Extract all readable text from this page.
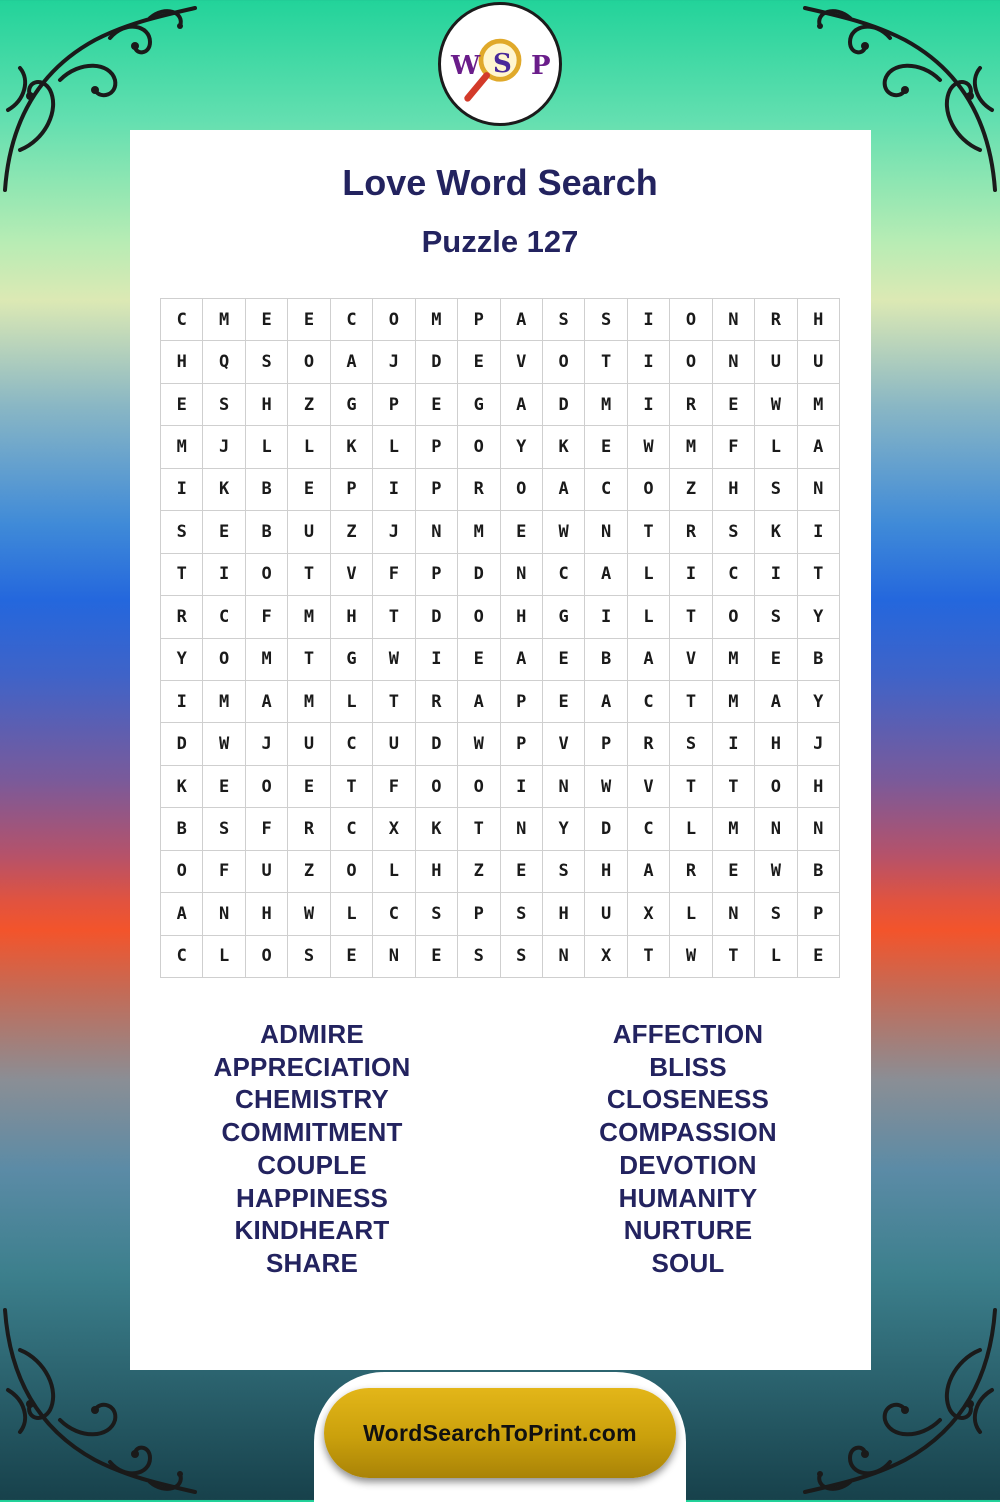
W S P
Love Word Search
Puzzle 127
C	M	E	E	C	O	M	P	A	S	S	I	O	N	R	H
H	Q	S	O	A	J	D	E	V	O	T	I	O	N	U	U
E	S	H	Z	G	P	E	G	A	D	M	I	R	E	W	M
M	J	L	L	K	L	P	O	Y	K	E	W	M	F	L	A
I	K	B	E	P	I	P	R	O	A	C	O	Z	H	S	N
S	E	B	U	Z	J	N	M	E	W	N	T	R	S	K	I
T	I	O	T	V	F	P	D	N	C	A	L	I	C	I	T
R	C	F	M	H	T	D	O	H	G	I	L	T	O	S	Y
Y	O	M	T	G	W	I	E	A	E	B	A	V	M	E	B
I	M	A	M	L	T	R	A	P	E	A	C	T	M	A	Y
D	W	J	U	C	U	D	W	P	V	P	R	S	I	H	J
K	E	O	E	T	F	O	O	I	N	W	V	T	T	O	H
B	S	F	R	C	X	K	T	N	Y	D	C	L	M	N	N
O	F	U	Z	O	L	H	Z	E	S	H	A	R	E	W	B
A	N	H	W	L	C	S	P	S	H	U	X	L	N	S	P
C	L	O	S	E	N	E	S	S	N	X	T	W	T	L	E
ADMIRE
APPRECIATION
CHEMISTRY
COMMITMENT
COUPLE
HAPPINESS
KINDHEART
SHARE
AFFECTION
BLISS
CLOSENESS
COMPASSION
DEVOTION
HUMANITY
NURTURE
SOUL
WordSearchToPrint.com
